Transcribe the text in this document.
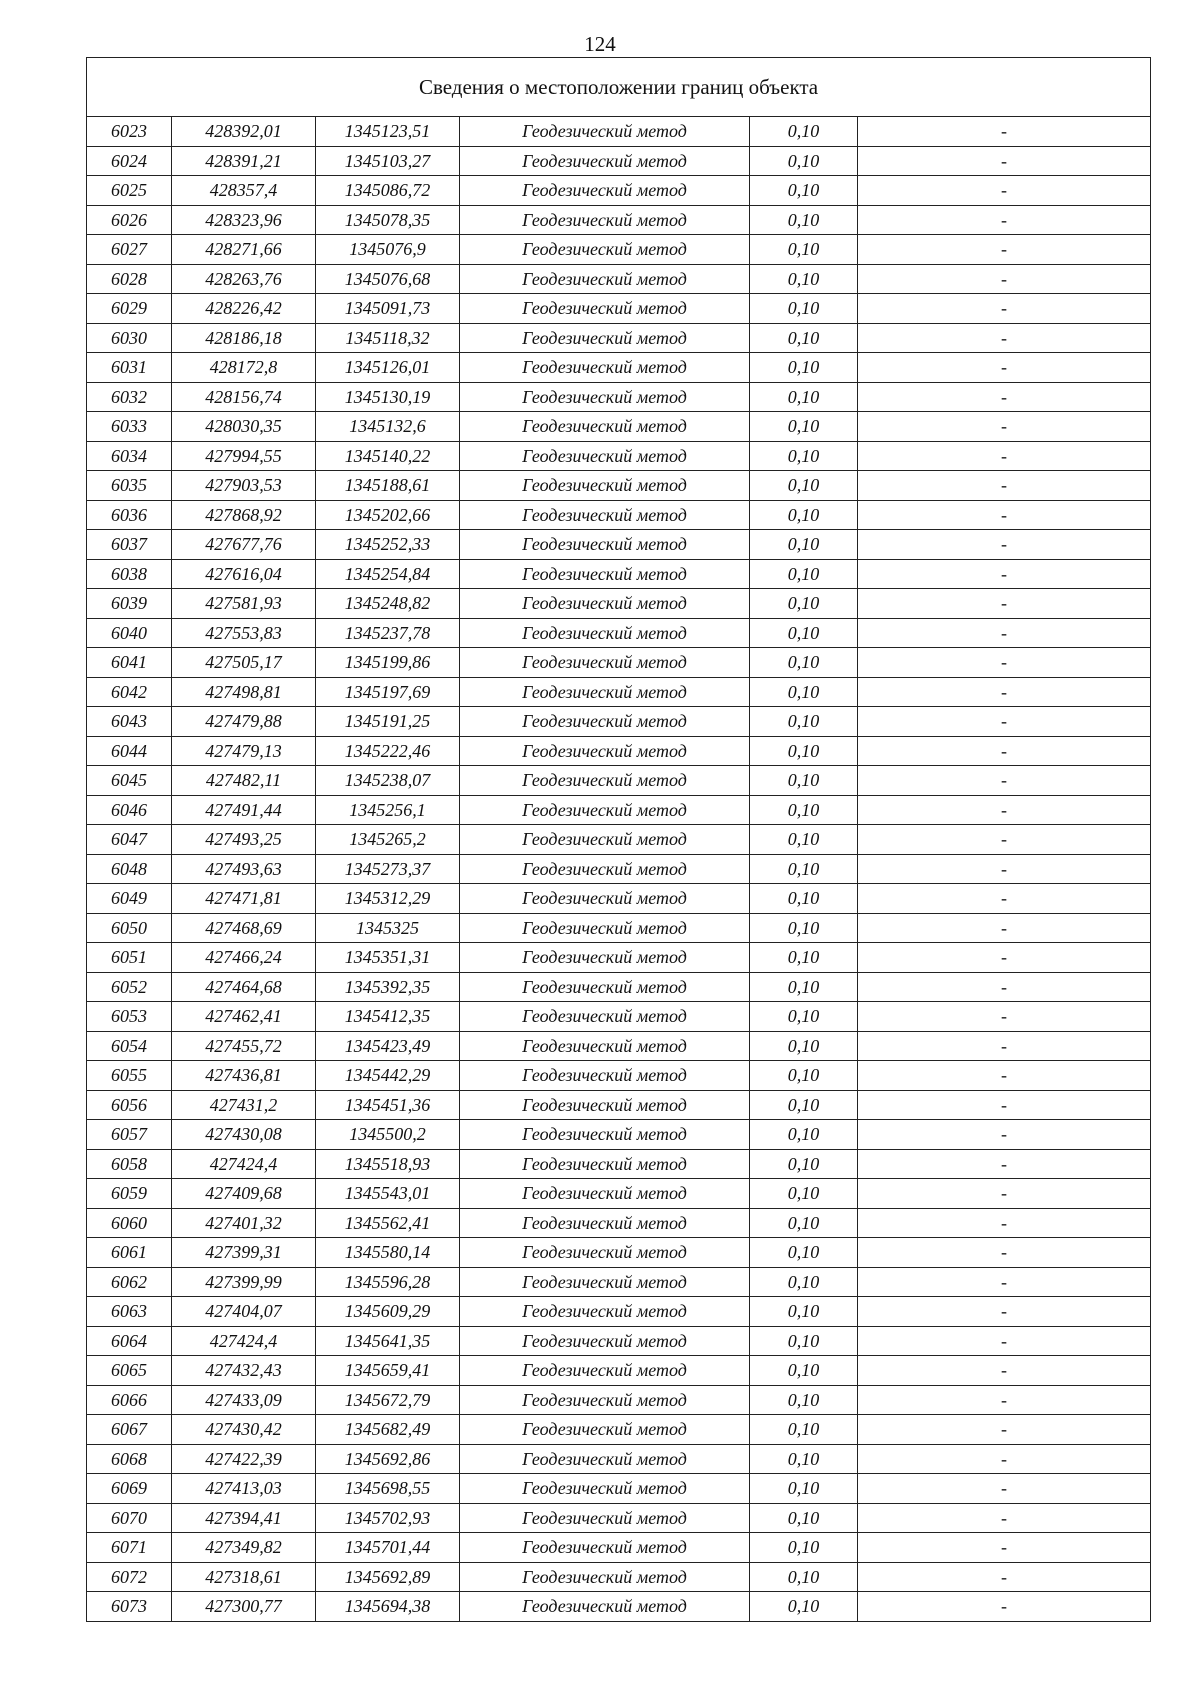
124
Сведения о местоположении границ объекта					
6023	428392,01	1345123,51	Геодезический метод	0,10	-
6024	428391,21	1345103,27	Геодезический метод	0,10	-
6025	428357,4	1345086,72	Геодезический метод	0,10	-
6026	428323,96	1345078,35	Геодезический метод	0,10	-
6027	428271,66	1345076,9	Геодезический метод	0,10	-
6028	428263,76	1345076,68	Геодезический метод	0,10	-
6029	428226,42	1345091,73	Геодезический метод	0,10	-
6030	428186,18	1345118,32	Геодезический метод	0,10	-
6031	428172,8	1345126,01	Геодезический метод	0,10	-
6032	428156,74	1345130,19	Геодезический метод	0,10	-
6033	428030,35	1345132,6	Геодезический метод	0,10	-
6034	427994,55	1345140,22	Геодезический метод	0,10	-
6035	427903,53	1345188,61	Геодезический метод	0,10	-
6036	427868,92	1345202,66	Геодезический метод	0,10	-
6037	427677,76	1345252,33	Геодезический метод	0,10	-
6038	427616,04	1345254,84	Геодезический метод	0,10	-
6039	427581,93	1345248,82	Геодезический метод	0,10	-
6040	427553,83	1345237,78	Геодезический метод	0,10	-
6041	427505,17	1345199,86	Геодезический метод	0,10	-
6042	427498,81	1345197,69	Геодезический метод	0,10	-
6043	427479,88	1345191,25	Геодезический метод	0,10	-
6044	427479,13	1345222,46	Геодезический метод	0,10	-
6045	427482,11	1345238,07	Геодезический метод	0,10	-
6046	427491,44	1345256,1	Геодезический метод	0,10	-
6047	427493,25	1345265,2	Геодезический метод	0,10	-
6048	427493,63	1345273,37	Геодезический метод	0,10	-
6049	427471,81	1345312,29	Геодезический метод	0,10	-
6050	427468,69	1345325	Геодезический метод	0,10	-
6051	427466,24	1345351,31	Геодезический метод	0,10	-
6052	427464,68	1345392,35	Геодезический метод	0,10	-
6053	427462,41	1345412,35	Геодезический метод	0,10	-
6054	427455,72	1345423,49	Геодезический метод	0,10	-
6055	427436,81	1345442,29	Геодезический метод	0,10	-
6056	427431,2	1345451,36	Геодезический метод	0,10	-
6057	427430,08	1345500,2	Геодезический метод	0,10	-
6058	427424,4	1345518,93	Геодезический метод	0,10	-
6059	427409,68	1345543,01	Геодезический метод	0,10	-
6060	427401,32	1345562,41	Геодезический метод	0,10	-
6061	427399,31	1345580,14	Геодезический метод	0,10	-
6062	427399,99	1345596,28	Геодезический метод	0,10	-
6063	427404,07	1345609,29	Геодезический метод	0,10	-
6064	427424,4	1345641,35	Геодезический метод	0,10	-
6065	427432,43	1345659,41	Геодезический метод	0,10	-
6066	427433,09	1345672,79	Геодезический метод	0,10	-
6067	427430,42	1345682,49	Геодезический метод	0,10	-
6068	427422,39	1345692,86	Геодезический метод	0,10	-
6069	427413,03	1345698,55	Геодезический метод	0,10	-
6070	427394,41	1345702,93	Геодезический метод	0,10	-
6071	427349,82	1345701,44	Геодезический метод	0,10	-
6072	427318,61	1345692,89	Геодезический метод	0,10	-
6073	427300,77	1345694,38	Геодезический метод	0,10	-
